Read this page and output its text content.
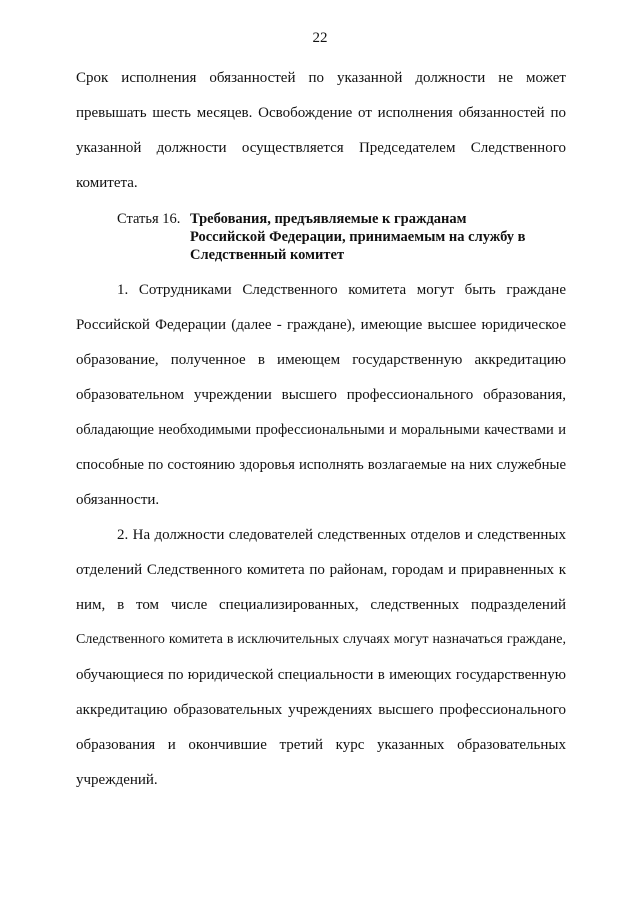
22
Срок исполнения обязанностей по указанной должности не может
превышать шесть месяцев. Освобождение от исполнения обязанностей по
указанной должности осуществляется Председателем Следственного
комитета.
Статья 16. Требования, предъявляемые к гражданам
Российской Федерации, принимаемым на службу в
Следственный комитет
1. Сотрудниками Следственного комитета могут быть граждане
Российской Федерации (далее - граждане), имеющие высшее юридическое
образование, полученное в имеющем государственную аккредитацию
образовательном учреждении высшего профессионального образования,
обладающие необходимыми профессиональными и моральными качествами и
способные по состоянию здоровья исполнять возлагаемые на них служебные
обязанности.
2. На должности следователей следственных отделов и следственных
отделений Следственного комитета по районам, городам и приравненных к
ним, в том числе специализированных, следственных подразделений
Следственного комитета в исключительных случаях могут назначаться граждане,
обучающиеся по юридической специальности в имеющих государственную
аккредитацию образовательных учреждениях высшего профессионального
образования и окончившие третий курс указанных образовательных
учреждений.
